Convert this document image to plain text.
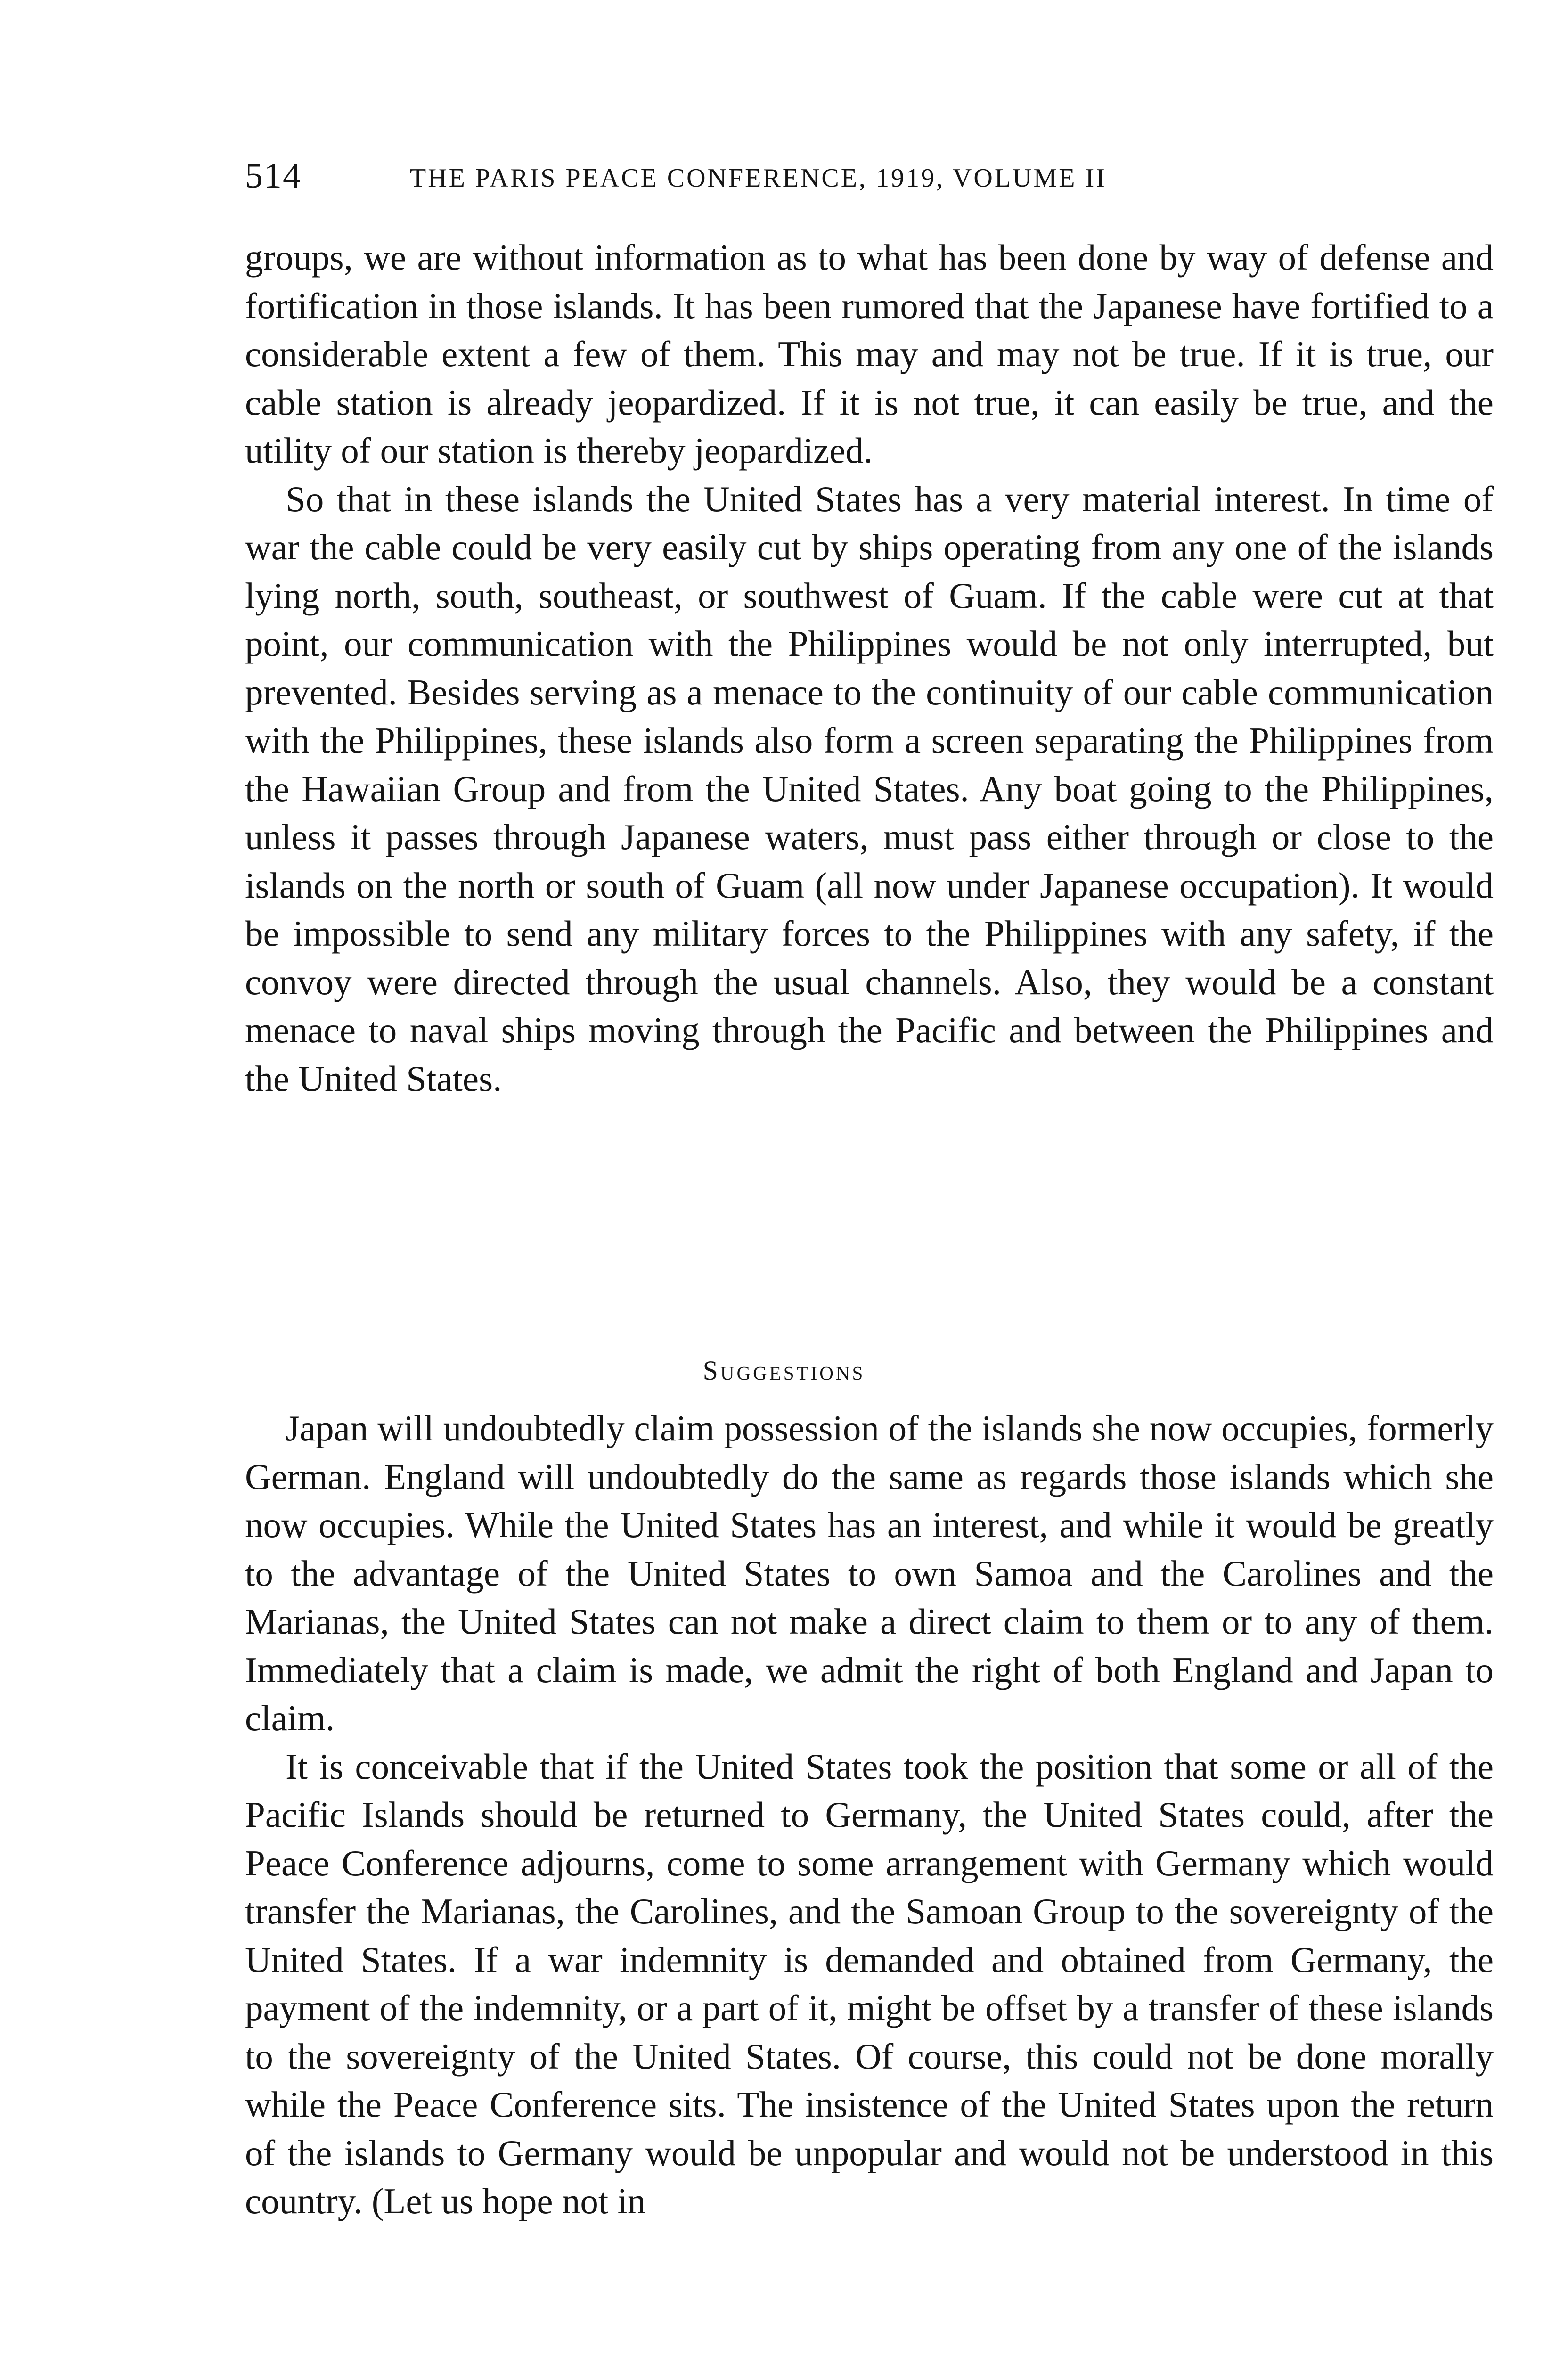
514	THE PARIS PEACE CONFERENCE, 1919, VOLUME II

groups, we are without information as to what has been done by way of defense and fortification in those islands. It has been rumored that the Japanese have fortified to a considerable extent a few of them. This may and may not be true. If it is true, our cable station is already jeopardized. If it is not true, it can easily be true, and the utility of our station is thereby jeopardized.

So that in these islands the United States has a very material interest. In time of war the cable could be very easily cut by ships operating from any one of the islands lying north, south, southeast, or southwest of Guam. If the cable were cut at that point, our communication with the Philippines would be not only interrupted, but prevented. Besides serving as a menace to the continuity of our cable communication with the Philippines, these islands also form a screen separating the Philippines from the Hawaiian Group and from the United States. Any boat going to the Philippines, unless it passes through Japanese waters, must pass either through or close to the islands on the north or south of Guam (all now under Japanese occupation). It would be impossible to send any military forces to the Philippines with any safety, if the convoy were directed through the usual channels. Also, they would be a constant menace to naval ships moving through the Pacific and between the Philippines and the United States.

Suggestions

Japan will undoubtedly claim possession of the islands she now occupies, formerly German. England will undoubtedly do the same as regards those islands which she now occupies. While the United States has an interest, and while it would be greatly to the advantage of the United States to own Samoa and the Carolines and the Marianas, the United States can not make a direct claim to them or to any of them. Immediately that a claim is made, we admit the right of both England and Japan to claim.

It is conceivable that if the United States took the position that some or all of the Pacific Islands should be returned to Germany, the United States could, after the Peace Conference adjourns, come to some arrangement with Germany which would transfer the Marianas, the Carolines, and the Samoan Group to the sovereignty of the United States. If a war indemnity is demanded and obtained from Germany, the payment of the indemnity, or a part of it, might be offset by a transfer of these islands to the sovereignty of the United States. Of course, this could not be done morally while the Peace Conference sits. The insistence of the United States upon the return of the islands to Germany would be unpopular and would not be understood in this country. (Let us hope not in
